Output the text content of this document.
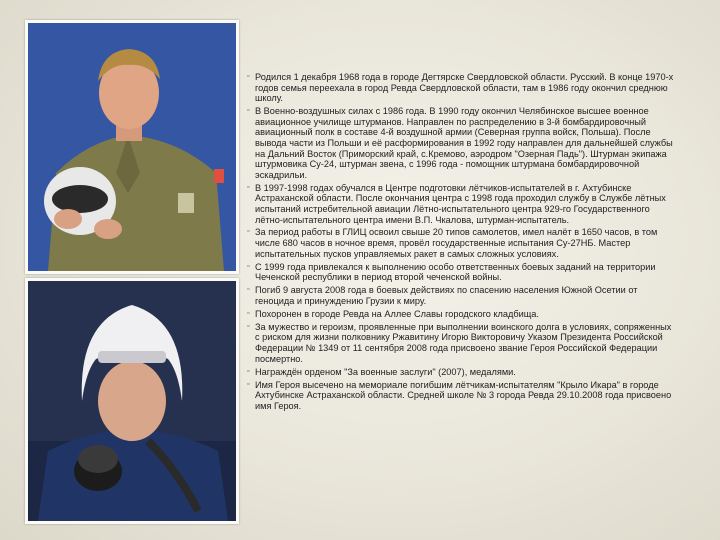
▫ Родился 1 декабря 1968 года в городе Дегтярске Свердловской области. Русский. В конце 1970-х годов семья переехала в город Ревда Свердловской области, там в 1986 году окончил среднюю школу.

▫ В Военно-воздушных силах с 1986 года. В 1990 году окончил Челябинское высшее военное авиационное училище штурманов. Направлен по распределению в 3-й бомбардировочный авиационный полк в составе 4-й воздушной армии (Северная группа войск, Польша). После вывода части из Польши и её расформирования в 1992 году направлен для дальнейшей службы на Дальний Восток (Приморский край, с.Кремово, аэродром "Озерная Падь"). Штурман экипажа штурмовика Су-24, штурман звена, с 1996 года - помощник штурмана бомбардировочной эскадрильи.

▫ В 1997-1998 годах обучался в Центре подготовки лётчиков-испытателей в г. Ахтубинске Астраханской области. После окончания центра с 1998 года проходил службу в Службе лётных испытаний истребительной авиации Лётно-испытательного центра 929-го Государственного лётно-испытательного центра имени В.П. Чкалова, штурман-испытатель.

▫ За период работы в ГЛИЦ освоил свыше 20 типов самолетов, имел налёт в 1650 часов, в том числе 680 часов в ночное время, провёл государственные испытания Су-27НБ. Мастер испытательных пусков управляемых ракет в самых сложных условиях.

▫ С 1999 года привлекался к выполнению особо ответственных боевых заданий на территории Чеченской республики в период второй чеченской войны.

▫ Погиб 9 августа 2008 года в боевых действиях по спасению населения Южной Осетии от геноцида и принуждению Грузии к миру.

▫ Похоронен в городе Ревда на Аллее Славы городского кладбища.

▫ За мужество и героизм, проявленные при выполнении воинского долга в условиях, сопряженных с риском для жизни полковнику Ржавитину Игорю Викторовичу Указом Президента Российской Федерации № 1349 от 11 сентября 2008 года присвоено звание Героя Российской Федерации посмертно.

▫ Награждён орденом "За военные заслуги" (2007), медалями.

▫ Имя Героя высечено на мемориале погибшим лётчикам-испытателям "Крыло Икара" в городе Ахтубинске Астраханской области. Средней школе № 3 города Ревда 29.10.2008 года присвоено имя Героя.
